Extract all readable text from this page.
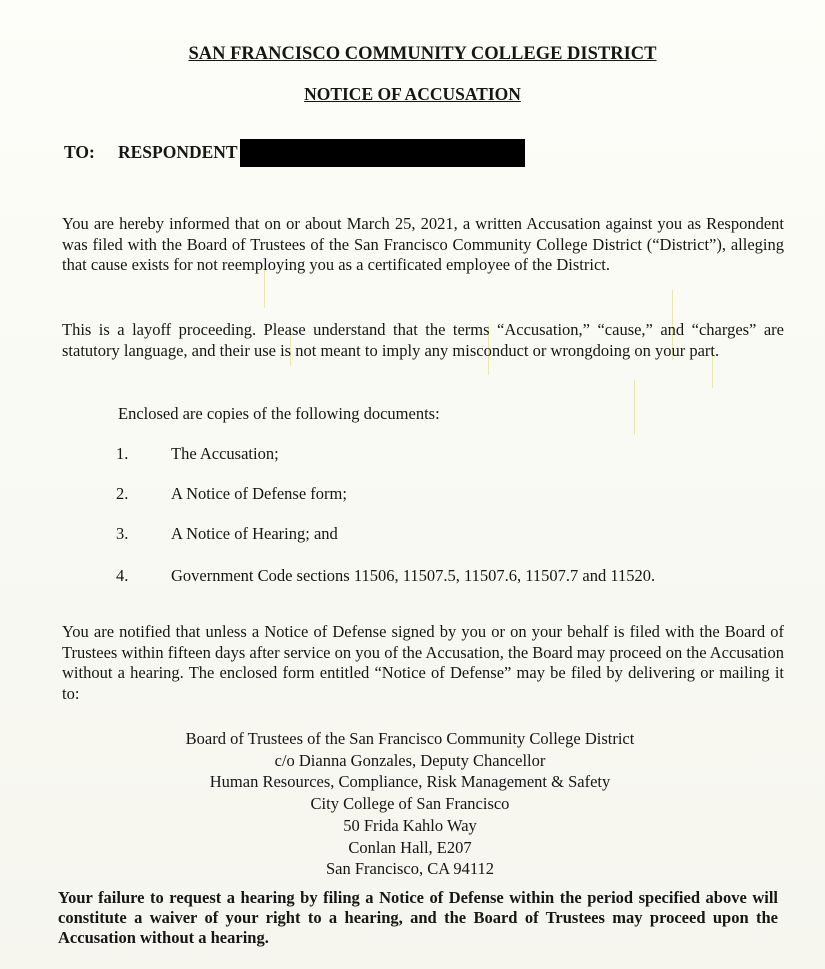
SAN FRANCISCO COMMUNITY COLLEGE DISTRICT
NOTICE OF ACCUSATION
TO:	RESPONDENT
You are hereby informed that on or about March 25, 2021, a written Accusation against you as Respondent was filed with the Board of Trustees of the San Francisco Community College District (“District”), alleging that cause exists for not reemploying you as a certificated employee of the District.
This is a layoff proceeding. Please understand that the terms “Accusation,” “cause,” and “charges” are statutory language, and their use is not meant to imply any misconduct or wrongdoing on your part.
Enclosed are copies of the following documents:
1.	The Accusation;
2.	A Notice of Defense form;
3.	A Notice of Hearing; and
4.	Government Code sections 11506, 11507.5, 11507.6, 11507.7 and 11520.
You are notified that unless a Notice of Defense signed by you or on your behalf is filed with the Board of Trustees within fifteen days after service on you of the Accusation, the Board may proceed on the Accusation without a hearing. The enclosed form entitled “Notice of Defense” may be filed by delivering or mailing it to:
Board of Trustees of the San Francisco Community College District
c/o Dianna Gonzales, Deputy Chancellor
Human Resources, Compliance, Risk Management & Safety
City College of San Francisco
50 Frida Kahlo Way
Conlan Hall, E207
San Francisco, CA 94112
Your failure to request a hearing by filing a Notice of Defense within the period specified above will constitute a waiver of your right to a hearing, and the Board of Trustees may proceed upon the Accusation without a hearing.
